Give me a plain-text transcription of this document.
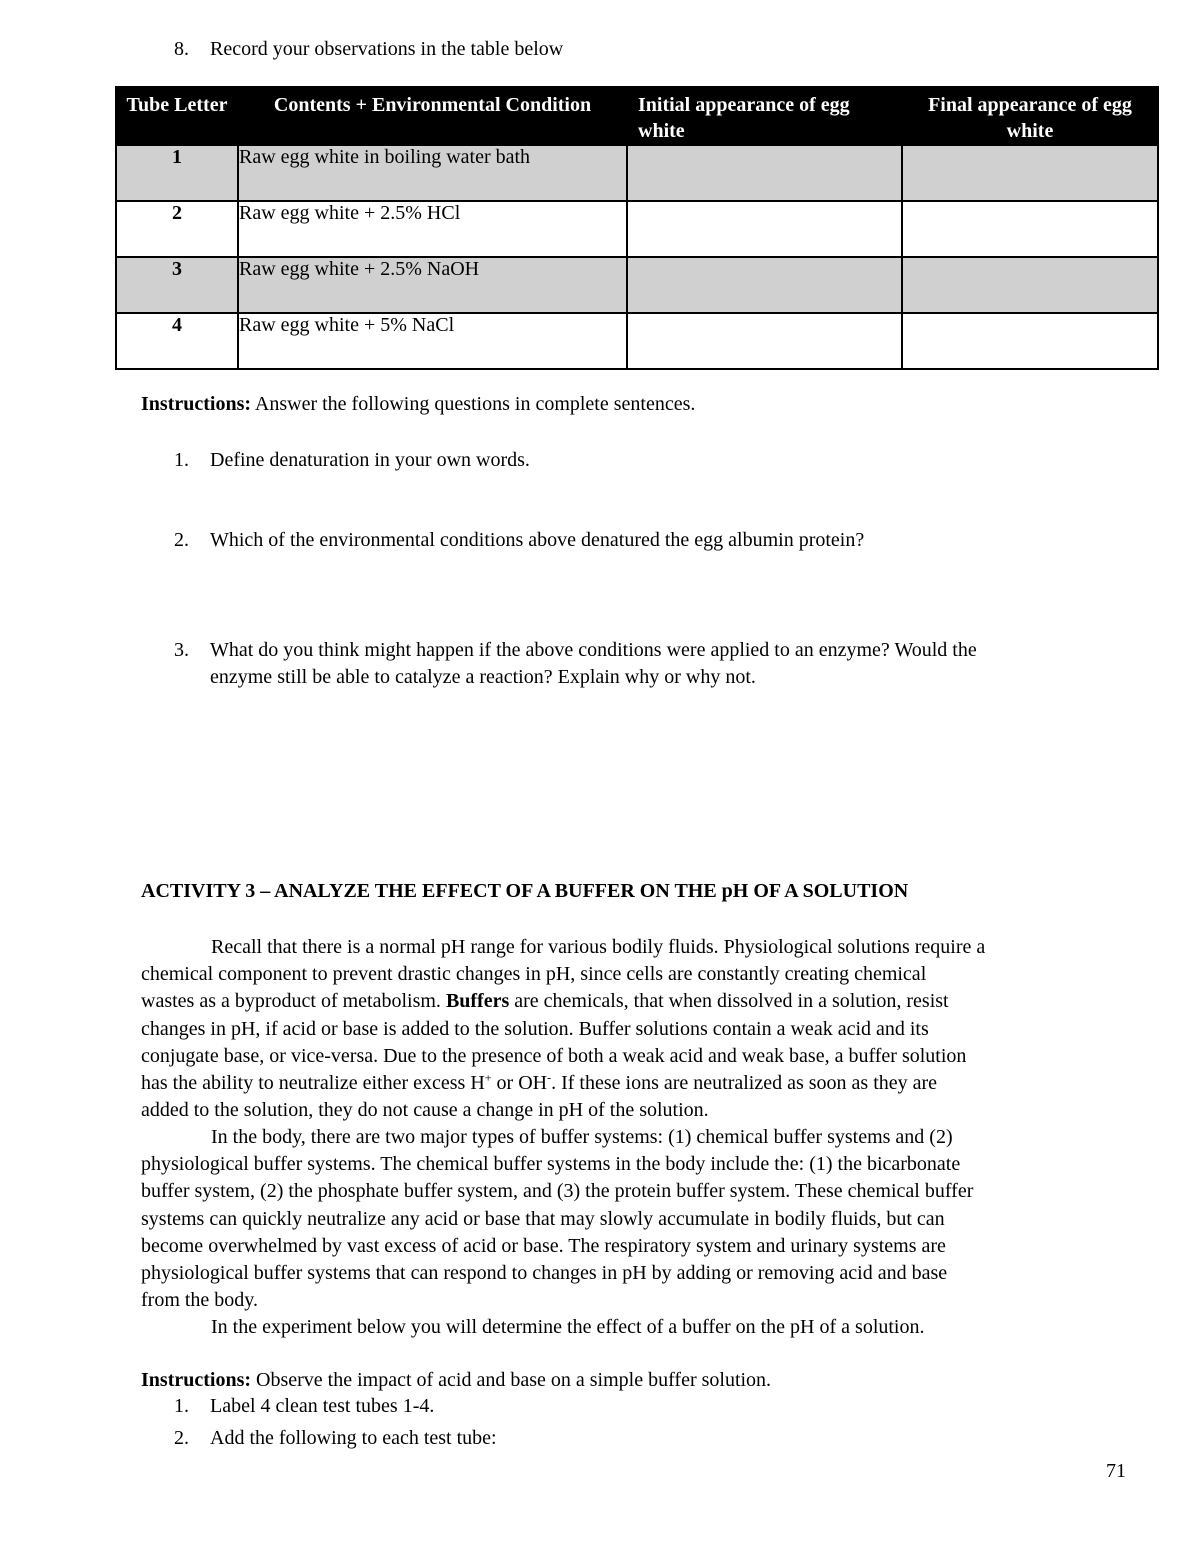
8. Record your observations in the table below
Tube Letter	Contents + Environmental Condition	Initial appearance of egg white	Final appearance of egg white
1	Raw egg white in boiling water bath		
2	Raw egg white + 2.5% HCl		
3	Raw egg white + 2.5% NaOH		
4	Raw egg white + 5% NaCl		
Instructions: Answer the following questions in complete sentences.
1. Define denaturation in your own words.
2. Which of the environmental conditions above denatured the egg albumin protein?
3. What do you think might happen if the above conditions were applied to an enzyme? Would the
enzyme still be able to catalyze a reaction? Explain why or why not.
ACTIVITY 3 – ANALYZE THE EFFECT OF A BUFFER ON THE pH OF A SOLUTION
Recall that there is a normal pH range for various bodily fluids. Physiological solutions require a
chemical component to prevent drastic changes in pH, since cells are constantly creating chemical
wastes as a byproduct of metabolism. Buffers are chemicals, that when dissolved in a solution, resist
changes in pH, if acid or base is added to the solution. Buffer solutions contain a weak acid and its
conjugate base, or vice-versa. Due to the presence of both a weak acid and weak base, a buffer solution
has the ability to neutralize either excess H+ or OH-. If these ions are neutralized as soon as they are
added to the solution, they do not cause a change in pH of the solution.
In the body, there are two major types of buffer systems: (1) chemical buffer systems and (2)
physiological buffer systems. The chemical buffer systems in the body include the: (1) the bicarbonate
buffer system, (2) the phosphate buffer system, and (3) the protein buffer system. These chemical buffer
systems can quickly neutralize any acid or base that may slowly accumulate in bodily fluids, but can
become overwhelmed by vast excess of acid or base. The respiratory system and urinary systems are
physiological buffer systems that can respond to changes in pH by adding or removing acid and base
from the body.
In the experiment below you will determine the effect of a buffer on the pH of a solution.
Instructions: Observe the impact of acid and base on a simple buffer solution.
1. Label 4 clean test tubes 1-4.
2. Add the following to each test tube:
71
